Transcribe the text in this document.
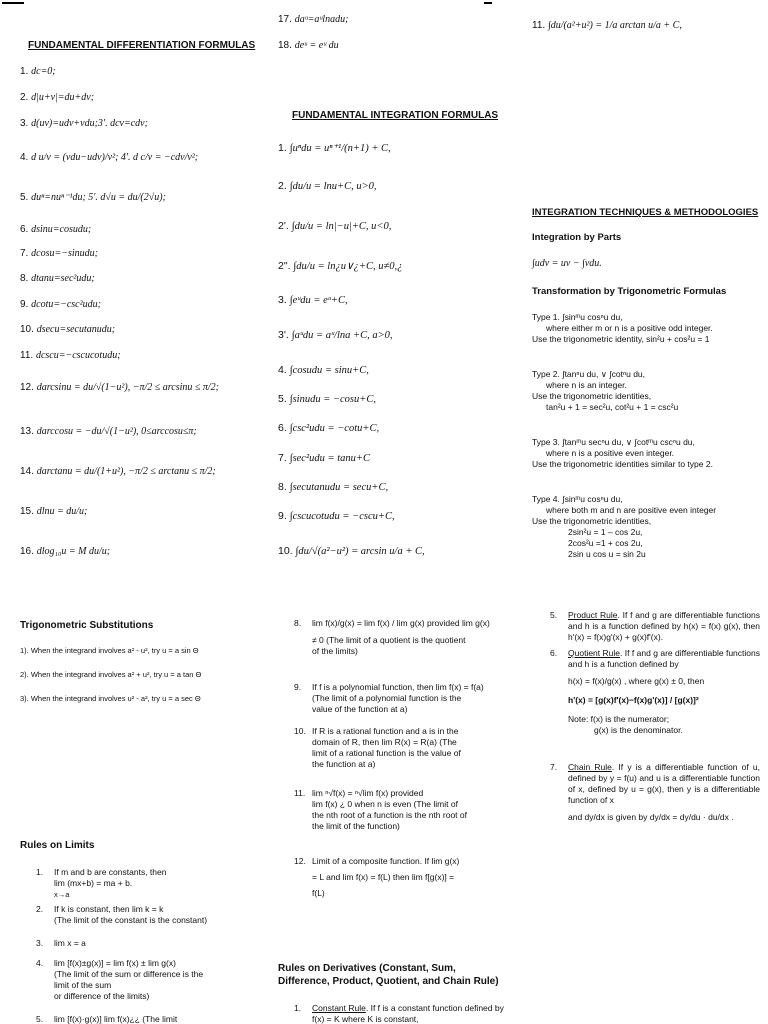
FUNDAMENTAL DIFFERENTIATION FORMULAS
1. dc=0;
2. d|u+v|=du+dv;
3. d(uv)=udv+vdu;3'. dcv=cdv;
4. d u/v = (vdu−udv)/v²; 4'. d c/v = −cdv/v²;
5. duⁿ=nuⁿ⁻¹du; 5'. d√u = du/(2√u);
6. dsinu=cosudu;
7. dcosu=−sinudu;
8. dtanu=sec²udu;
9. dcotu=−csc²udu;
10. dsecu=secutanudu;
11. dcscu=−cscucotudu;
12. darcsinu = du/√(1−u²), −π/2 ≤ arcsinu ≤ π/2;
13. darccosu = −du/√(1−u²), 0≤arccosu≤π;
14. darctanu = du/(1+u²), −π/2 ≤ arctanu ≤ π/2;
15. dlnu = du/u;
16. dlog₁₀u = M du/u;
Trigonometric Substitutions
1). When the integrand involves a² - u², try u = a sin Θ
2). When the integrand involves a² + u², try u = a tan Θ
3). When the integrand involves u² - a², try u = a sec Θ
Rules on Limits
1. If m and b are constants, then
lim (mx+b) = ma + b.
x→a
2. If k is constant, then lim k = k
(The limit of the constant is the constant)
3.	lim x = a
4. lim [f(x)±g(x)] = lim f(x) ± lim g(x)
(The limit of the sum or difference is the
limit of the sum
or difference of the limits)
5.	lim [f(x)·g(x)] lim f(x)¿¿ (The limit
17. daᵘ=aᵘlnadu;
18. deᵘ = eᵘ du
FUNDAMENTAL INTEGRATION FORMULAS
1. ∫uⁿdu = uⁿ⁺¹/(n+1) + C,
2. ∫du/u = lnu+C, u>0,
2'. ∫du/u = ln|−u|+C, u<0,
2". ∫du/u = ln¿u∨¿+C, u≠0,¿
3. ∫eᵘdu = eᵘ+C,
3'. ∫aᵘdu = aᵘ/lna +C, a>0,
4. ∫cosudu = sinu+C,
5. ∫sinudu = −cosu+C,
6. ∫csc²udu = −cotu+C,
7. ∫sec²udu = tanu+C
8. ∫secutanudu = secu+C,
9. ∫cscucotudu = −cscu+C,
10. ∫du/√(a²−u²) = arcsin u/a + C,
8. lim f(x)/g(x) = lim f(x) / lim g(x) provided lim g(x)
≠ 0 (The limit of a quotient is the quotient
of the limits)
9. If f is a polynomial function, then lim f(x) = f(a)
(The limit of a polynomial function is the
value of the function at a)
10. If R is a rational function and a is in the
domain of R, then lim R(x) = R(a) (The
limit of a rational function is the value of
the function at a)
11. lim ⁿ√f(x) = ⁿ√lim f(x) provided
lim f(x) ¿ 0 when n is even (The limit of
the nth root of a function is the nth root of
the limit of the function)
12. Limit of a composite function. If lim g(x)
= L and lim f(x) = f(L) then lim f[g(x)] =
f(L)
Rules on Derivatives (Constant, Sum, Difference, Product, Quotient, and Chain Rule)
1.	Constant Rule. If f is a constant function defined by f(x) = K where K is constant,
11. ∫du/(a²+u²) = 1/a arctan u/a + C,
INTEGRATION TECHNIQUES & METHODOLOGIES
Integration by Parts
∫udv = uv − ∫vdu.
Transformation by Trigonometric Formulas
Type 1. ∫sinᵐu cosⁿu du,
where either m or n is a positive odd integer.
Use the trigonometric identity, sin²u + cos²u = 1
Type 2. ∫tanⁿu du, ∨ ∫cotⁿu du,
where n is an integer.
Use the trigonometric identities,
tan²u + 1 = sec²u, cot²u + 1 = csc²u
Type 3. ∫tanᵐu secⁿu du, ∨ ∫cotᵐu cscⁿu du,
where n is a positive even integer.
Use the trigonometric identities similar to type 2.
Type 4. ∫sinᵐu cosⁿu du,
where both m and n are positive even integer
Use the trigonometric identities,
2sin²u = 1 – cos 2u,
2cos²u =1 + cos 2u,
2sin u cos u = sin 2u
5.	Product Rule. If f and g are differentiable functions and h is a function defined by h(x) = f(x) g(x), then h'(x) = f(x)g'(x) + g(x)f'(x).
6. Quotient Rule. If f and g are differentiable functions and h is a function defined by
h(x) = f(x)/g(x) , where g(x) ± 0, then
h'(x) = [g(x)f'(x)−f(x)g'(x)] / [g(x)]²
Note: f(x) is the numerator;
g(x) is the denominator.
7. Chain Rule. If y is a differentiable function of u, defined by y = f(u) and u is a differentiable function of x, defined by u = g(x), then y is a differentiable function of x
and dy/dx is given by dy/dx = dy/du · du/dx .
